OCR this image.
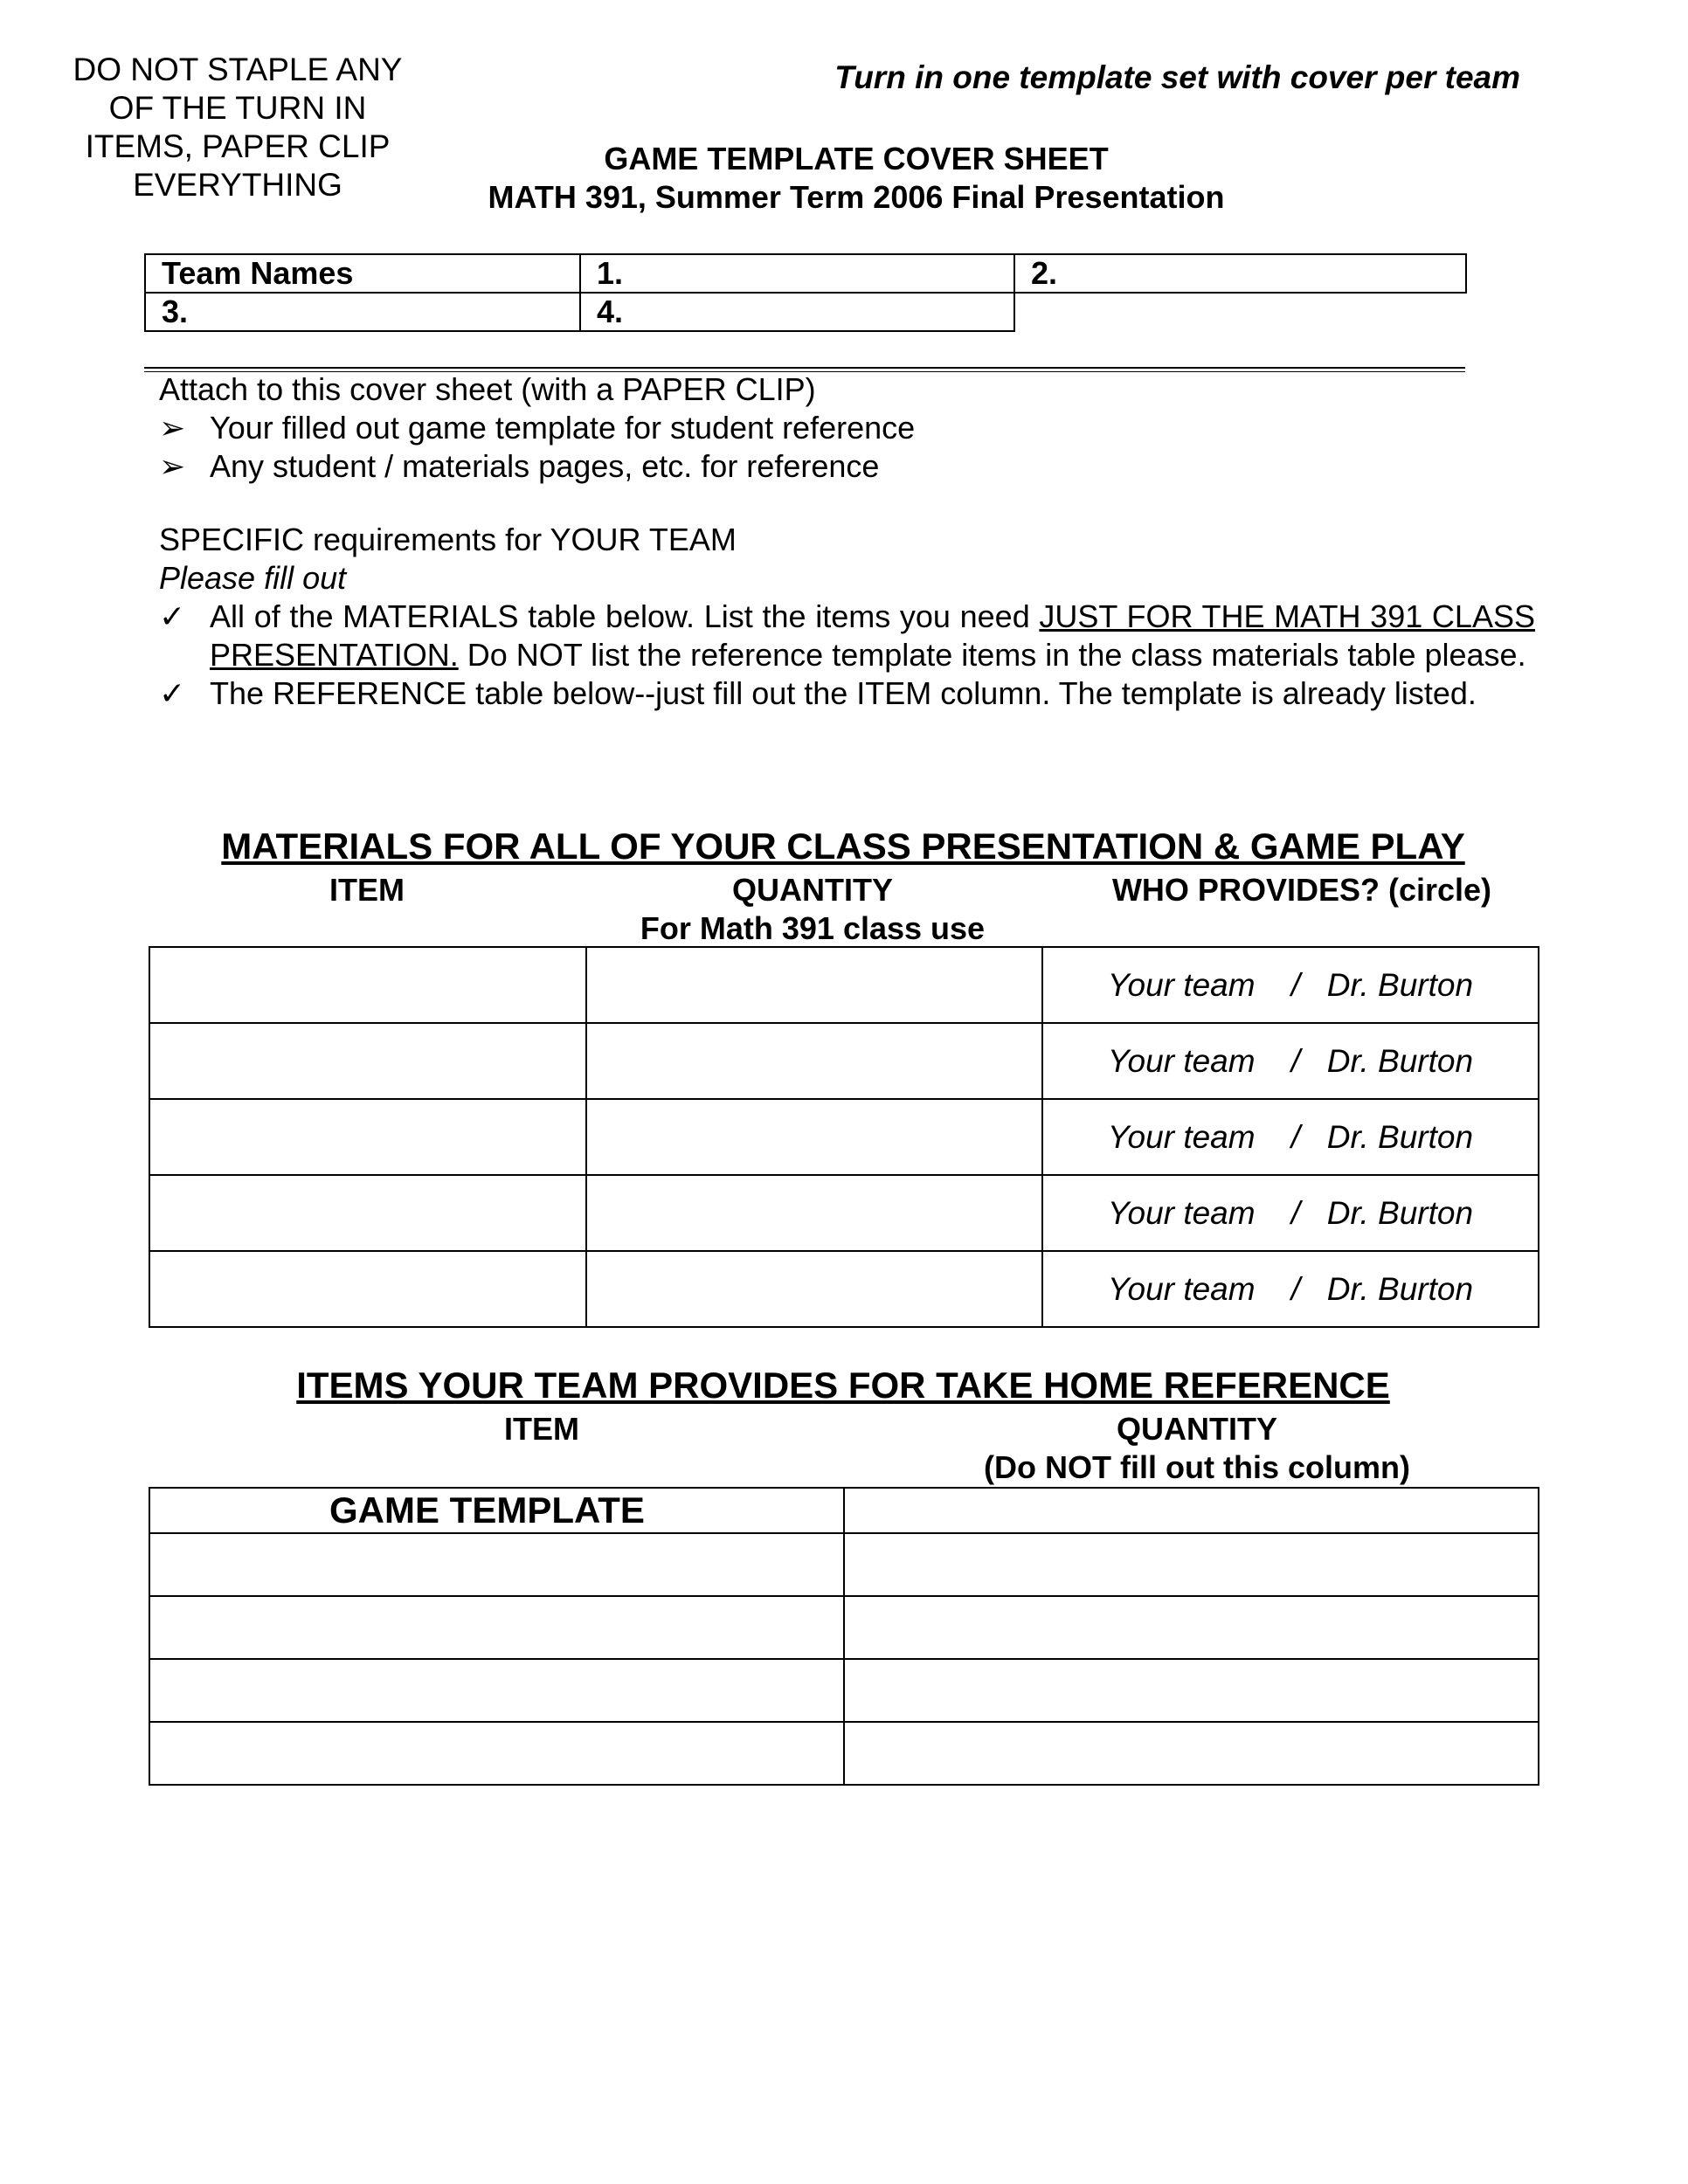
DO NOT STAPLE ANY OF THE TURN IN ITEMS, PAPER CLIP EVERYTHING
Turn in one template set with cover per team
GAME TEMPLATE COVER SHEET
MATH 391, Summer Term 2006 Final Presentation
Team Names	1.	2.
3.	4.	
Attach to this cover sheet (with a PAPER CLIP)
➢ Your filled out game template for student reference
➢ Any student / materials pages, etc. for reference
SPECIFIC requirements for YOUR TEAM
Please fill out
✓ All of the MATERIALS table below. List the items you need JUST FOR THE MATH 391 CLASS PRESENTATION. Do NOT list the reference template items in the class materials table please.
✓ The REFERENCE table below--just fill out the ITEM column. The template is already listed.
MATERIALS FOR ALL OF YOUR CLASS PRESENTATION & GAME PLAY
ITEM	QUANTITY
For Math 391 class use
WHO PROVIDES? (circle)
		Your team    /   Dr. Burton
		Your team    /   Dr. Burton
		Your team    /   Dr. Burton
		Your team    /   Dr. Burton
		Your team    /   Dr. Burton
ITEMS YOUR TEAM PROVIDES FOR TAKE HOME REFERENCE
ITEM	QUANTITY
(Do NOT fill out this column)
GAME TEMPLATE	
